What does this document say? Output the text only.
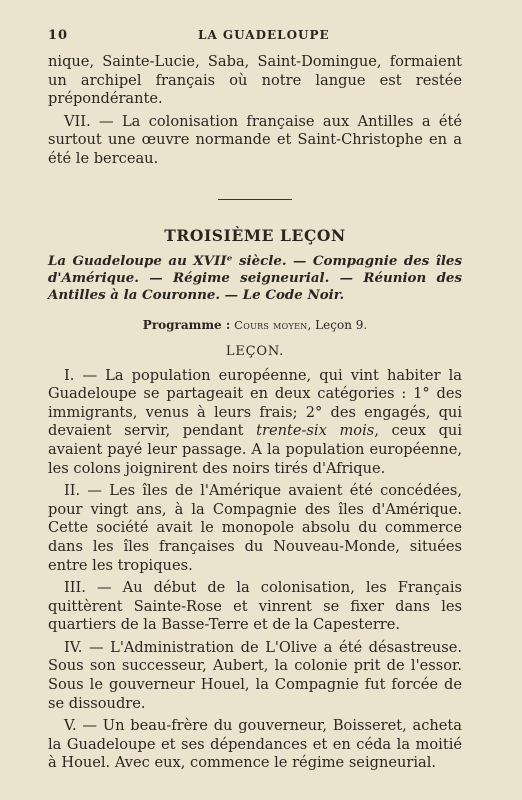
10	LA GUADELOUPE

nique, Sainte-Lucie, Saba, Saint-Domingue, formaient un archipel français où notre langue est restée prépondérante.

VII. — La colonisation française aux Antilles a été surtout une œuvre normande et Saint-Christophe en a été le berceau.

TROISIÈME LEÇON
La Guadeloupe au XVIIᵉ siècle. — Compagnie des îles d'Amérique. — Régime seigneurial. — Réunion des Antilles à la Couronne. — Le Code Noir.
Programme : Cours moyen, Leçon 9.
LEÇON.

I. — La population européenne, qui vint habiter la Guadeloupe se partageait en deux catégories : 1° des immigrants, venus à leurs frais; 2° des engagés, qui devaient servir, pendant trente-six mois, ceux qui avaient payé leur passage. A la population européenne, les colons joignirent des noirs tirés d'Afrique.

II. — Les îles de l'Amérique avaient été concédées, pour vingt ans, à la Compagnie des îles d'Amérique. Cette société avait le monopole absolu du commerce dans les îles françaises du Nouveau-Monde, situées entre les tropiques.

III. — Au début de la colonisation, les Français quittèrent Sainte-Rose et vinrent se fixer dans les quartiers de la Basse-Terre et de la Capesterre.

IV. — L'Administration de L'Olive a été désastreuse. Sous son successeur, Aubert, la colonie prit de l'essor. Sous le gouverneur Houel, la Compagnie fut forcée de se dissoudre.

V. — Un beau-frère du gouverneur, Boisseret, acheta la Guadeloupe et ses dépendances et en céda la moitié à Houel. Avec eux, commence le régime seigneurial.
